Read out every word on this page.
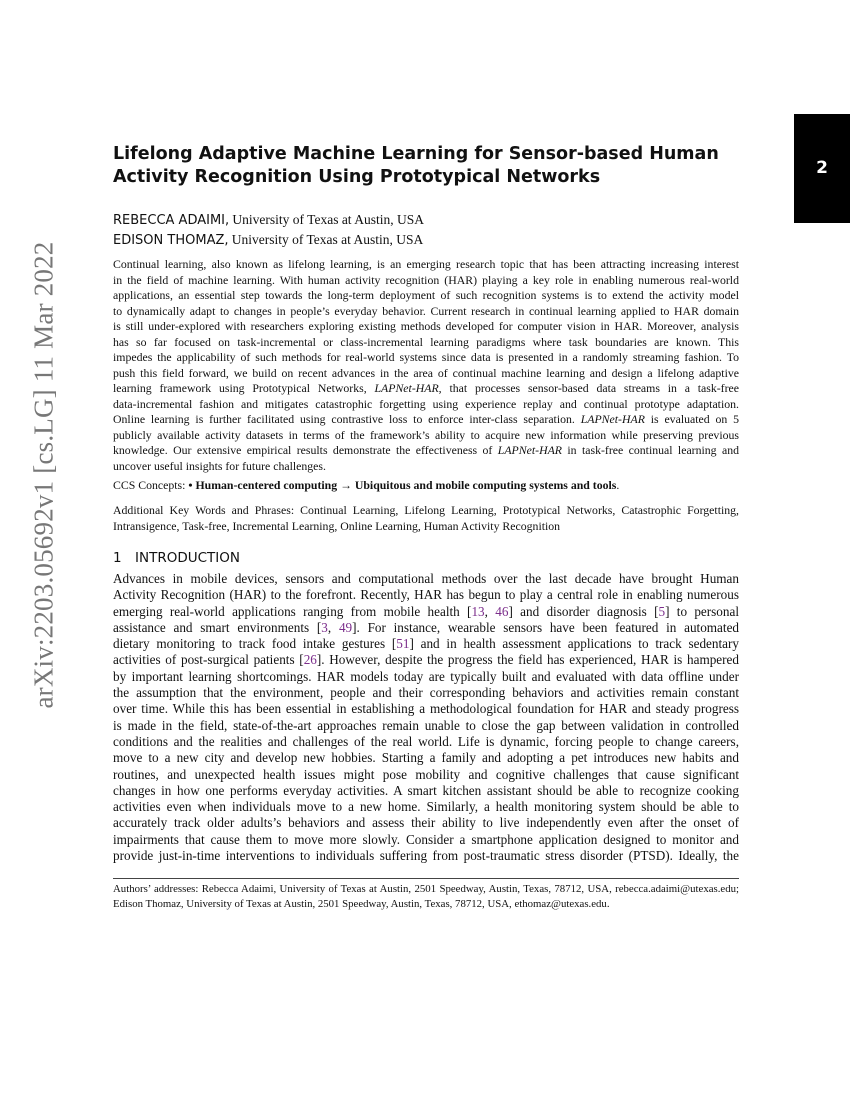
2
arXiv:2203.05692v1 [cs.LG] 11 Mar 2022
Lifelong Adaptive Machine Learning for Sensor-based Human
Activity Recognition Using Prototypical Networks
REBECCA ADAIMI, University of Texas at Austin, USA
EDISON THOMAZ, University of Texas at Austin, USA
Continual learning, also known as lifelong learning, is an emerging research topic that has been attracting increasing interest
in the field of machine learning. With human activity recognition (HAR) playing a key role in enabling numerous real-world
applications, an essential step towards the long-term deployment of such recognition systems is to extend the activity model
to dynamically adapt to changes in people’s everyday behavior. Current research in continual learning applied to HAR domain
is still under-explored with researchers exploring existing methods developed for computer vision in HAR. Moreover, analysis
has so far focused on task-incremental or class-incremental learning paradigms where task boundaries are known. This
impedes the applicability of such methods for real-world systems since data is presented in a randomly streaming fashion. To
push this field forward, we build on recent advances in the area of continual machine learning and design a lifelong adaptive
learning framework using Prototypical Networks, LAPNet-HAR, that processes sensor-based data streams in a task-free
data-incremental fashion and mitigates catastrophic forgetting using experience replay and continual prototype adaptation.
Online learning is further facilitated using contrastive loss to enforce inter-class separation. LAPNet-HAR is evaluated on 5
publicly available activity datasets in terms of the framework’s ability to acquire new information while preserving previous
knowledge. Our extensive empirical results demonstrate the effectiveness of LAPNet-HAR in task-free continual learning and
uncover useful insights for future challenges.
CCS Concepts: • Human-centered computing → Ubiquitous and mobile computing systems and tools.
Additional Key Words and Phrases: Continual Learning, Lifelong Learning, Prototypical Networks, Catastrophic Forgetting,
Intransigence, Task-free, Incremental Learning, Online Learning, Human Activity Recognition
1 INTRODUCTION
Advances in mobile devices, sensors and computational methods over the last decade have brought Human
Activity Recognition (HAR) to the forefront. Recently, HAR has begun to play a central role in enabling numerous
emerging real-world applications ranging from mobile health [13, 46] and disorder diagnosis [5] to personal
assistance and smart environments [3, 49]. For instance, wearable sensors have been featured in automated
dietary monitoring to track food intake gestures [51] and in health assessment applications to track sedentary
activities of post-surgical patients [26]. However, despite the progress the field has experienced, HAR is hampered
by important learning shortcomings. HAR models today are typically built and evaluated with data offline under
the assumption that the environment, people and their corresponding behaviors and activities remain constant
over time. While this has been essential in establishing a methodological foundation for HAR and steady progress
is made in the field, state-of-the-art approaches remain unable to close the gap between validation in controlled
conditions and the realities and challenges of the real world. Life is dynamic, forcing people to change careers,
move to a new city and develop new hobbies. Starting a family and adopting a pet introduces new habits and
routines, and unexpected health issues might pose mobility and cognitive challenges that cause significant
changes in how one performs everyday activities. A smart kitchen assistant should be able to recognize cooking
activities even when individuals move to a new home. Similarly, a health monitoring system should be able to
accurately track older adults’s behaviors and assess their ability to live independently even after the onset of
impairments that cause them to move more slowly. Consider a smartphone application designed to monitor and
provide just-in-time interventions to individuals suffering from post-traumatic stress disorder (PTSD). Ideally, the
Authors’ addresses: Rebecca Adaimi, University of Texas at Austin, 2501 Speedway, Austin, Texas, 78712, USA, rebecca.adaimi@utexas.edu;
Edison Thomaz, University of Texas at Austin, 2501 Speedway, Austin, Texas, 78712, USA, ethomaz@utexas.edu.
